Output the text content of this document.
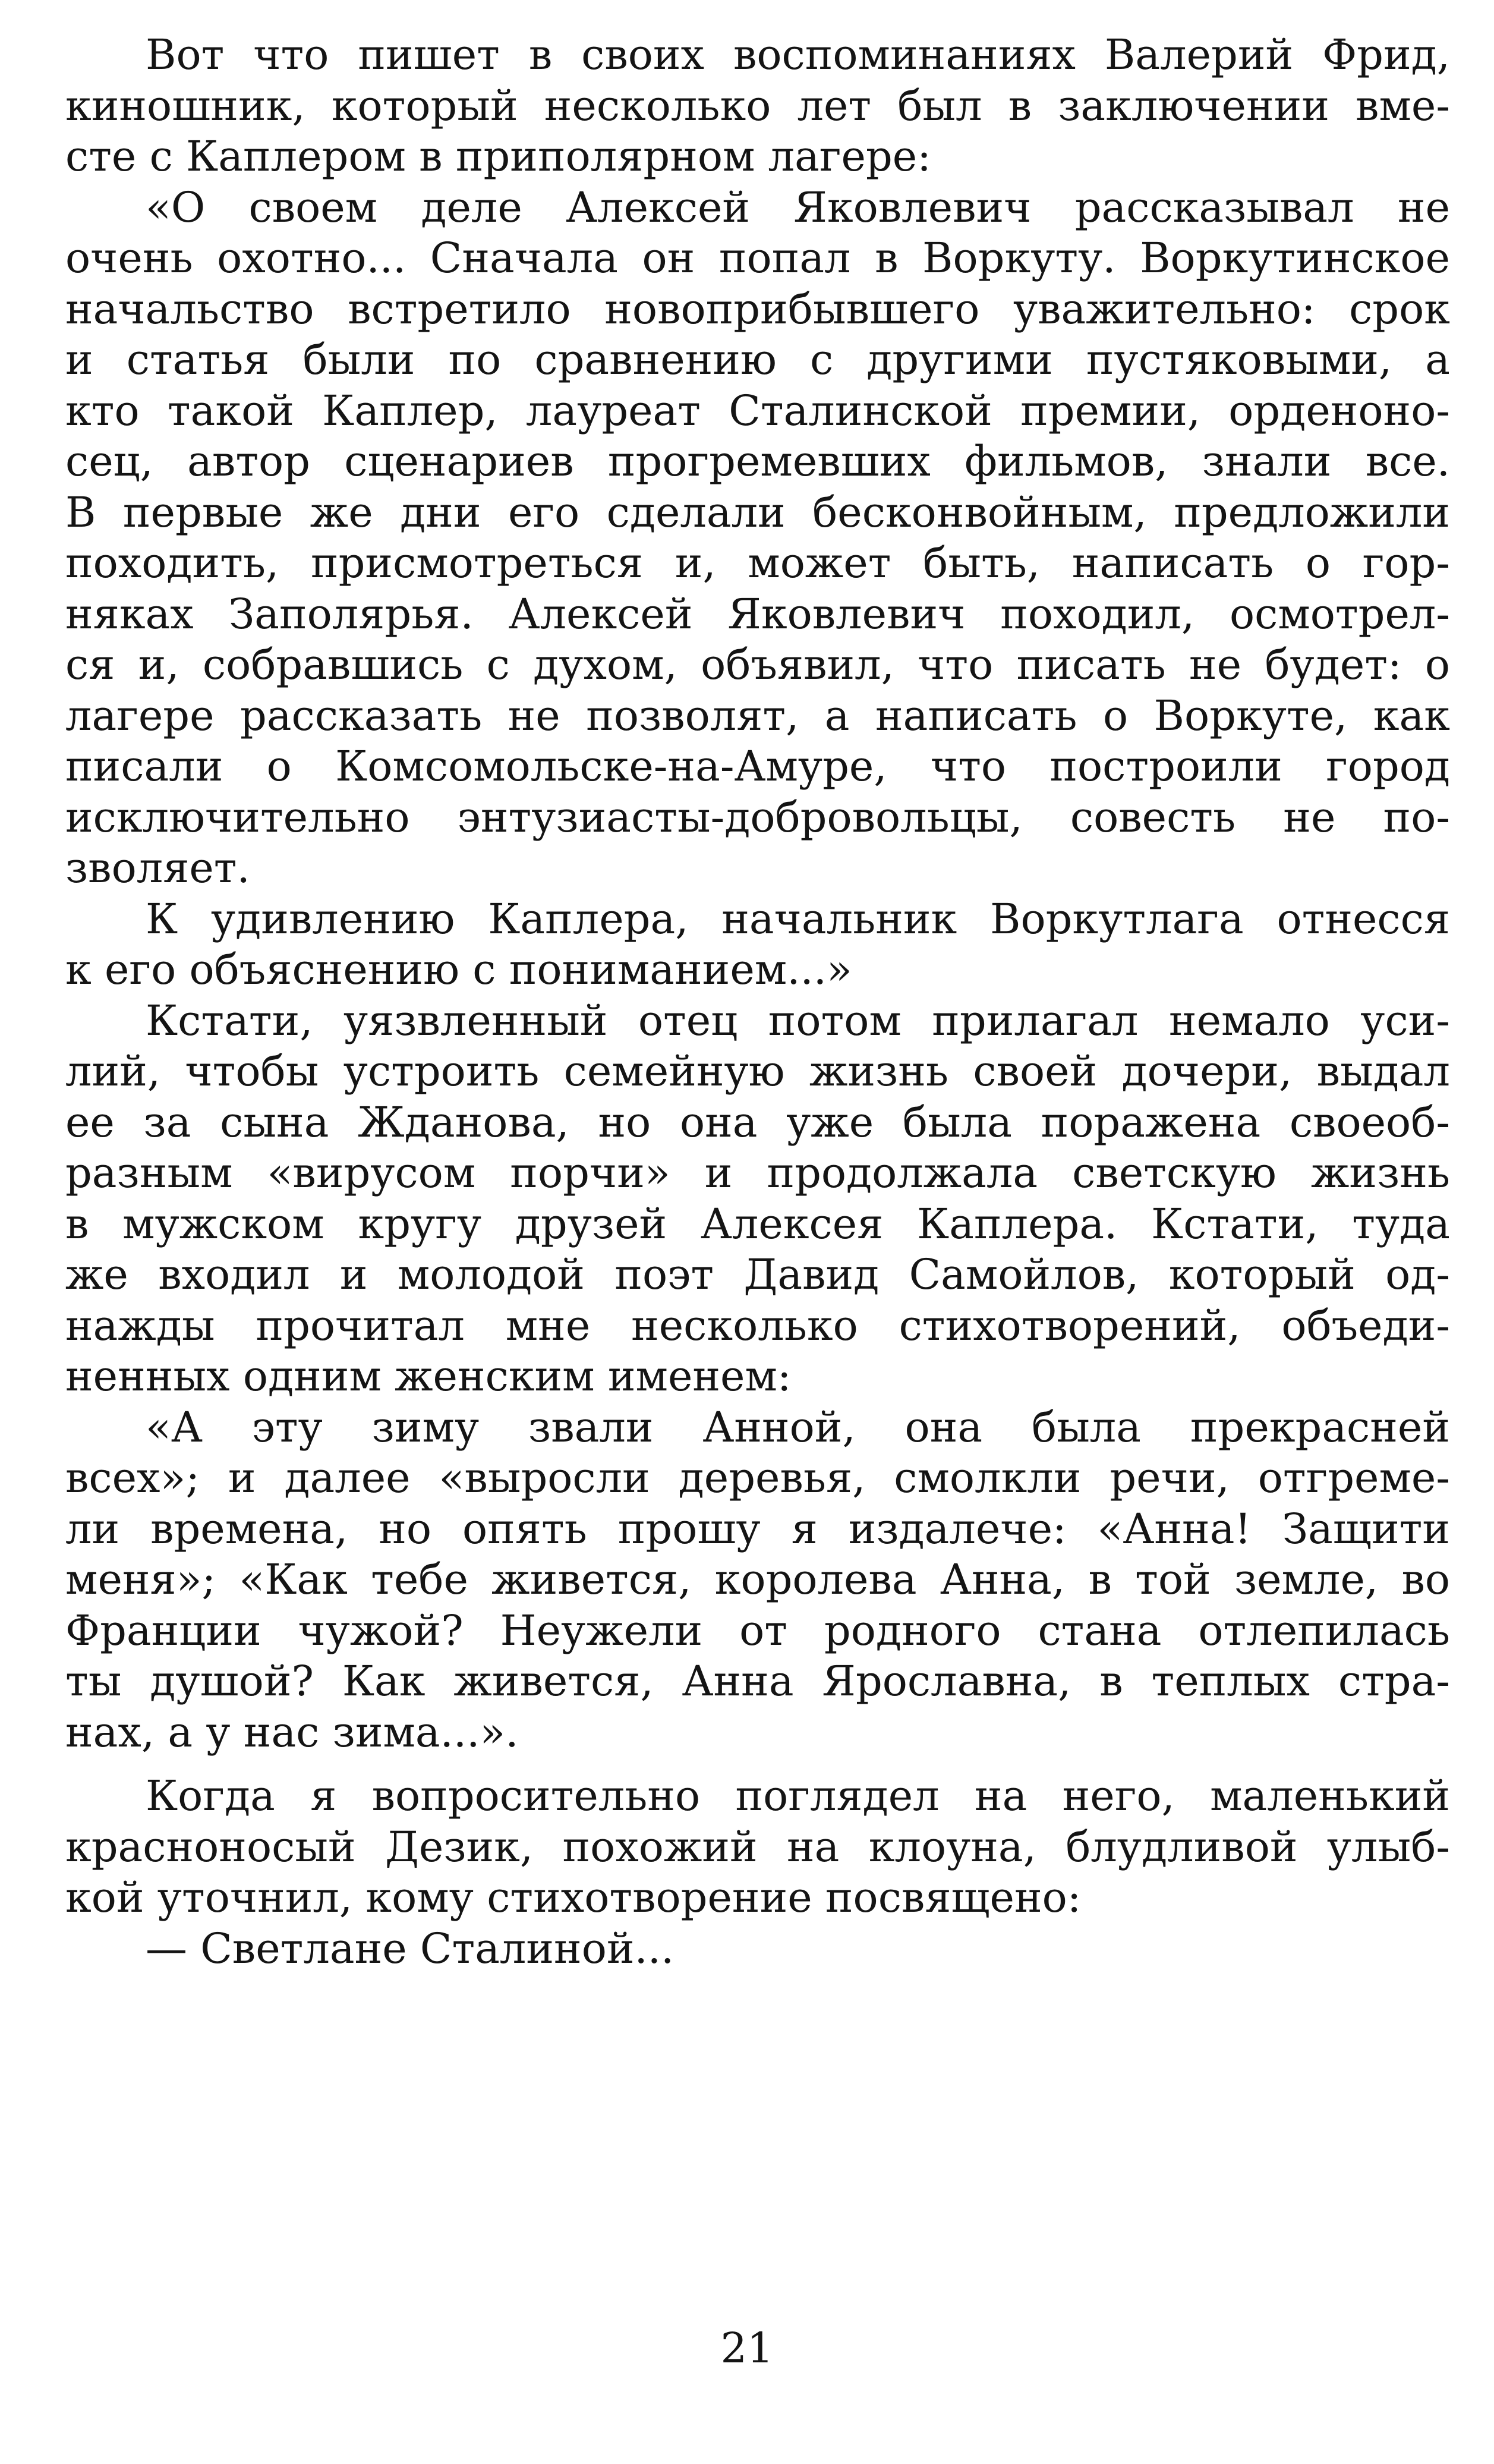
Вот что пишет в своих воспоминаниях Валерий Фрид,
киношник, который несколько лет был в заключении вме-
сте с Каплером в приполярном лагере:
«О своем деле Алексей Яковлевич рассказывал не
очень охотно... Сначала он попал в Воркуту. Воркутинское
начальство встретило новоприбывшего уважительно: срок
и статья были по сравнению с другими пустяковыми, а
кто такой Каплер, лауреат Сталинской премии, орденоно-
сец, автор сценариев прогремевших фильмов, знали все.
В первые же дни его сделали бесконвойным, предложили
походить, присмотреться и, может быть, написать о гор-
няках Заполярья. Алексей Яковлевич походил, осмотрел-
ся и, собравшись с духом, объявил, что писать не будет: о
лагере рассказать не позволят, а написать о Воркуте, как
писали о Комсомольске-на-Амуре, что построили город
исключительно энтузиасты-добровольцы, совесть не по-
зволяет.
К удивлению Каплера, начальник Воркутлага отнесся
к его объяснению с пониманием...»
Кстати, уязвленный отец потом прилагал немало уси-
лий, чтобы устроить семейную жизнь своей дочери, выдал
ее за сына Жданова, но она уже была поражена своеоб-
разным «вирусом порчи» и продолжала светскую жизнь
в мужском кругу друзей Алексея Каплера. Кстати, туда
же входил и молодой поэт Давид Самойлов, который од-
нажды прочитал мне несколько стихотворений, объеди-
ненных одним женским именем:
«А эту зиму звали Анной, она была прекрасней
всех»; и далее «выросли деревья, смолкли речи, отгреме-
ли времена, но опять прошу я издалече: «Анна! Защити
меня»; «Как тебе живется, королева Анна, в той земле, во
Франции чужой? Неужели от родного стана отлепилась
ты душой? Как живется, Анна Ярославна, в теплых стра-
нах, а у нас зима...».
Когда я вопросительно поглядел на него, маленький
красноносый Дезик, похожий на клоуна, блудливой улыб-
кой уточнил, кому стихотворение посвящено:
— Светлане Сталиной...
21
